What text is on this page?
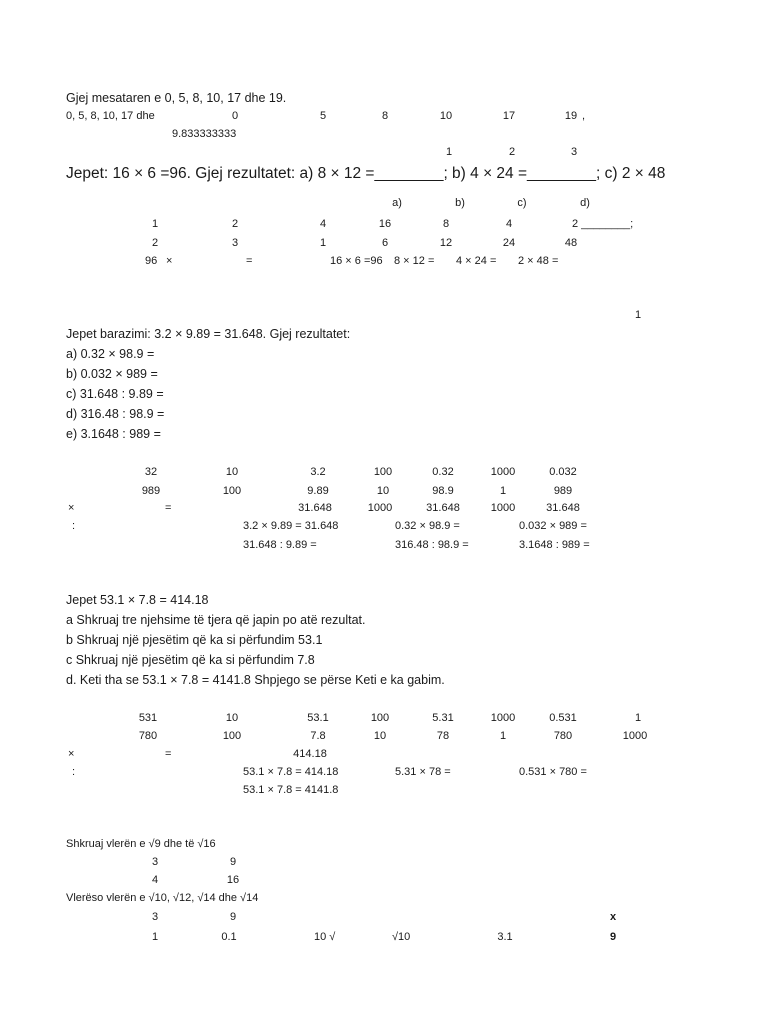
Gjej mesataren e 0, 5, 8, 10, 17 dhe 19.
0, 5, 8, 10, 17 dhe	0	5	8	10	17	19 ,
9.833333333
1	2	3
Jepet: 16 × 6 =96. Gjej rezultatet: a) 8 × 12 =________; b) 4 × 24 =________; c) 2 × 48
a)	b)	c)	d)
1	2	4	16	8	4	2 ________;
2	3	1	6	12	24	48
96 ×	=	16 × 6 =96 8 × 12 = 4 × 24 = 2 × 48 =
1
Jepet barazimi: 3.2 × 9.89 = 31.648. Gjej rezultatet:
a) 0.32 × 98.9 =
b) 0.032 × 989 =
c) 31.648 : 9.89 =
d) 316.48 : 98.9 =
e) 3.1648 : 989 =
32	10	3.2	100	0.32	1000	0.032
989	100	9.89	10	98.9	1	989
×	=	31.648	1000	31.648	1000	31.648
:	3.2 × 9.89 = 31.648	0.32 × 98.9 =	0.032 × 989 =
31.648 : 9.89 =	316.48 : 98.9 =	3.1648 : 989 =
Jepet 53.1 × 7.8 = 414.18
a Shkruaj tre njehsime të tjera që japin po atë rezultat.
b Shkruaj një pjesëtim që ka si përfundim 53.1
c Shkruaj një pjesëtim që ka si përfundim 7.8
d. Keti tha se 53.1 × 7.8 = 4141.8 Shpjego se përse Keti e ka gabim.
531	10	53.1	100	5.31	1000	0.531	1
780	100	7.8	10	78	1	780	1000
×	=	414.18
:	53.1 × 7.8 = 414.18	5.31 × 78 =	0.531 × 780 =
53.1 × 7.8 = 4141.8
Shkruaj vlerën e √9 dhe të √16
3	9
4	16
Vlerëso vlerën e √10, √12, √14 dhe √14
3	9	x
1	0.1	10 √	√10	3.1	9
